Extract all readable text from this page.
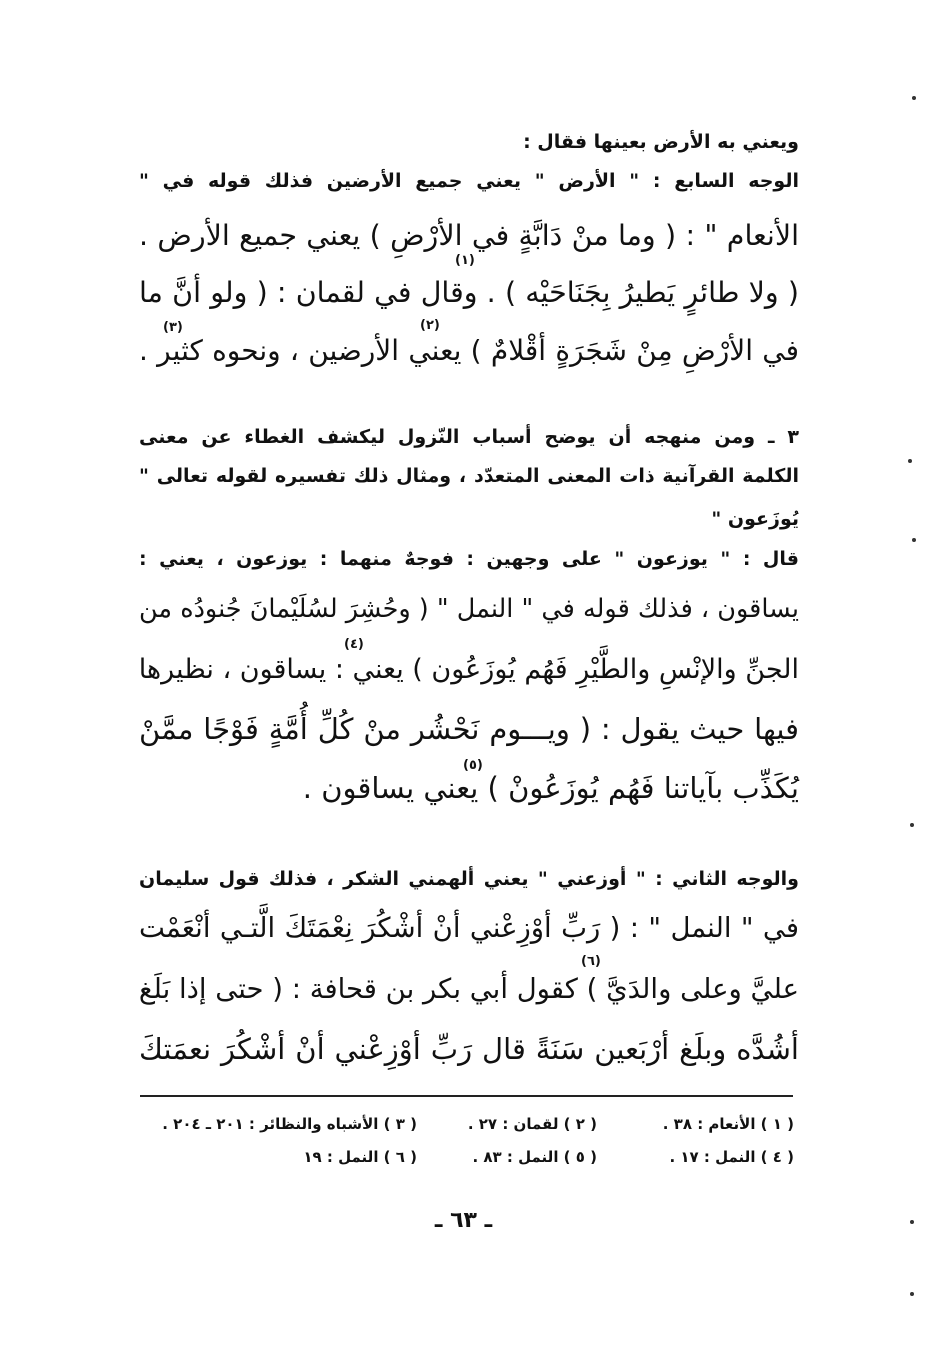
ويعني به الأرض بعينها فقال :
الوجه السابع : " الأرض " يعني جميع الأرضين فذلك قوله في "
الأنعام " : ( وما منْ دَابَّةٍ في الأرْضِ ) يعني جميع الأرض .
( ولا طائرٍ يَطيرُ بِجَنَاحَيْه ) . وقال في لقمان : ( ولو أنَّ ما
في الأرْضِ مِنْ شَجَرَةٍ أقْلامٌ ) يعني الأرضين ، ونحوه كثير .
٣ ـ ومن منهجه أن يوضح أسباب النّزول ليكشف الغطاء عن معنى
الكلمة القرآنية ذات المعنى المتعدّد ، ومثال ذلك تفسيره لقوله تعالى "
يُوزَعون "
قال : " يوزعون " على وجهين : فوجهٌ منهما : يوزعون ، يعني :
يساقون ، فذلك قوله في " النمل " ( وحُشِرَ لسُلَيْمانَ جُنودُه من
الجنِّ والإنْسِ والطَّيْرِ فَهُم يُوزَعُون ) يعني : يساقون ، نظيرها
فيها حيث يقول : ( ويـــوم نَحْشُر منْ كُلِّ أُمَّةٍ فَوْجًا ممَّنْ
يُكَذِّب بآياتنا فَهُم يُوزَعُونْ ) يعني يساقون .
والوجه الثاني : " أوزعني " يعني ألهمني الشكر ، فذلك قول سليمان
في " النمل " : ( رَبِّ أوْزِعْني أنْ أشْكُرَ نِعْمَتَكَ الَّتـي أنْعَمْت
عليَّ وعلى والدَيَّ ) كقول أبي بكر بن قحافة : ( حتى إذا بَلَغ
أشُدَّه وبلَغ أرْبَعين سَنَةً قال رَبِّ أوْزِعْني أنْ أشْكُرَ نعمَتكَ
(١)
(٢)
(٣)
(٤)
(٥)
(٦)
( ١ ) الأنعام : ٣٨ .
( ٢ ) لقمان : ٢٧ .
( ٣ ) الأشباه والنظائر : ٢٠١ ـ ٢٠٤ .
( ٤ ) النمل : ١٧ .
( ٥ ) النمل : ٨٣ .
( ٦ ) النمل : ١٩
ـ ٦٣ ـ
